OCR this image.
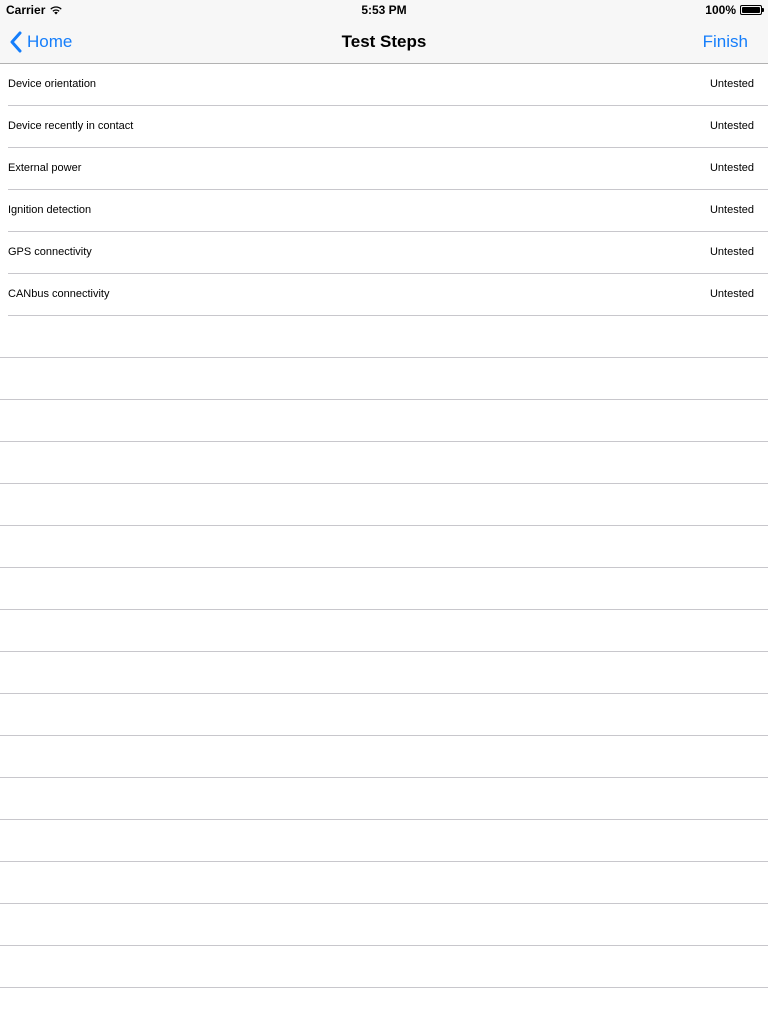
Carrier	5:53 PM	100%
Home	Test Steps	Finish
Device orientation	Untested
Device recently in contact	Untested
External power	Untested
Ignition detection	Untested
GPS connectivity	Untested
CANbus connectivity	Untested
